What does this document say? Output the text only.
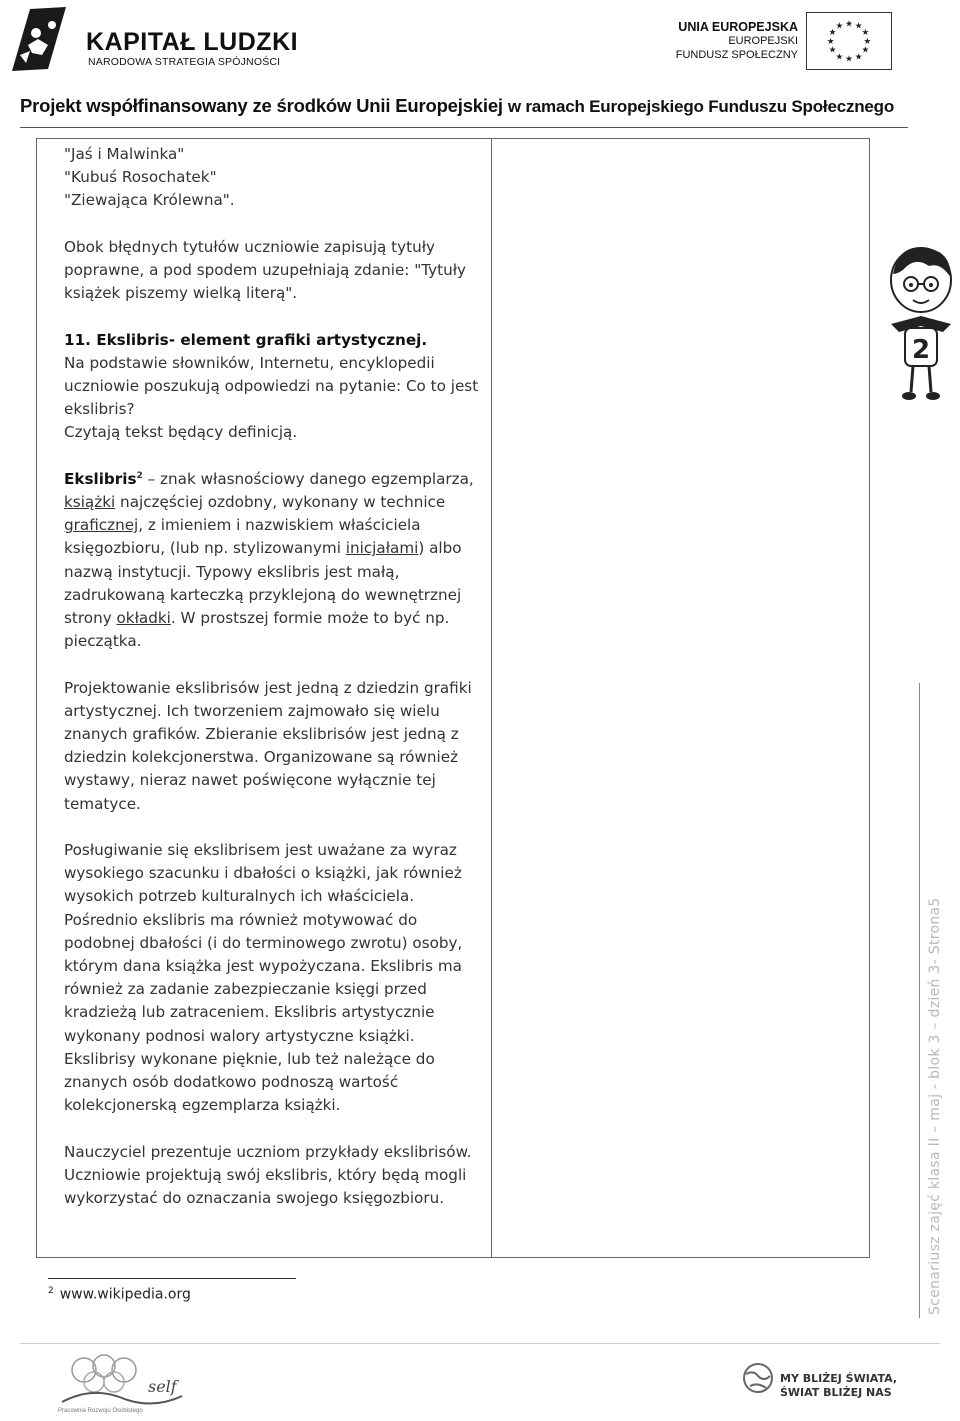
KAPITAŁ LUDZKI
NARODOWA STRATEGIA SPÓJNOŚCI
UNIA EUROPEJSKA
EUROPEJSKI
FUNDUSZ SPOŁECZNY
★ ★
★
★
★
★
★
★
★
★
★
★
Projekt współfinansowany ze środków Unii Europejskiej w ramach Europejskiego Funduszu Społecznego

"Jaś i Malwinka"
"Kubuś Rosochatek"
"Ziewająca Królewna".

Obok błędnych tytułów uczniowie zapisują tytuły poprawne, a pod spodem uzupełniają zdanie: "Tytuły książek piszemy wielką literą".

11. Ekslibris- element grafiki artystycznej.
Na podstawie słowników, Internetu, encyklopedii uczniowie poszukują odpowiedzi na pytanie: Co to jest ekslibris?
Czytają tekst będący definicją.

Ekslibris$^2$ – znak własnościowy danego egzemplarza, książki najczęściej ozdobny, wykonany w technice graficznej, z imieniem i nazwiskiem właściciela księgozbioru, (lub np. stylizowanymi inicjałami) albo nazwą instytucji. Typowy ekslibris jest małą, zadrukowaną karteczką przyklejoną do wewnętrznej strony okładki. W prostszej formie może to być np. pieczątka.

Projektowanie ekslibrisów jest jedną z dziedzin grafiki artystycznej. Ich tworzeniem zajmowało się wielu znanych grafików. Zbieranie ekslibrisów jest jedną z dziedzin kolekcjonerstwa. Organizowane są również wystawy, nieraz nawet poświęcone wyłącznie tej tematyce.

Posługiwanie się ekslibrisem jest uważane za wyraz wysokiego szacunku i dbałości o książki, jak również wysokich potrzeb kulturalnych ich właściciela. Pośrednio ekslibris ma również motywować do podobnej dbałości (i do terminowego zwrotu) osoby, którym dana książka jest wypożyczana. Ekslibris ma również za zadanie zabezpieczanie księgi przed kradzieżą lub zatraceniem. Ekslibris artystycznie wykonany podnosi walory artystyczne książki. Ekslibrisy wykonane pięknie, lub też należące do znanych osób dodatkowo podnoszą wartość kolekcjonerską egzemplarza książki.

Nauczyciel prezentuje uczniom przykłady ekslibrisów. Uczniowie projektują swój ekslibris, który będą mogli wykorzystać do oznaczania swojego księgozbioru.

2
$^2$ www.wikipedia.org	Scenariusz zajęć klasa II – maj - blok 3 – dzień 3- Strona5
self
Pracownia Rozwoju Osobistego
MY BLIŻEJ ŚWIATA,
ŚWIAT BLIŻEJ NAS
